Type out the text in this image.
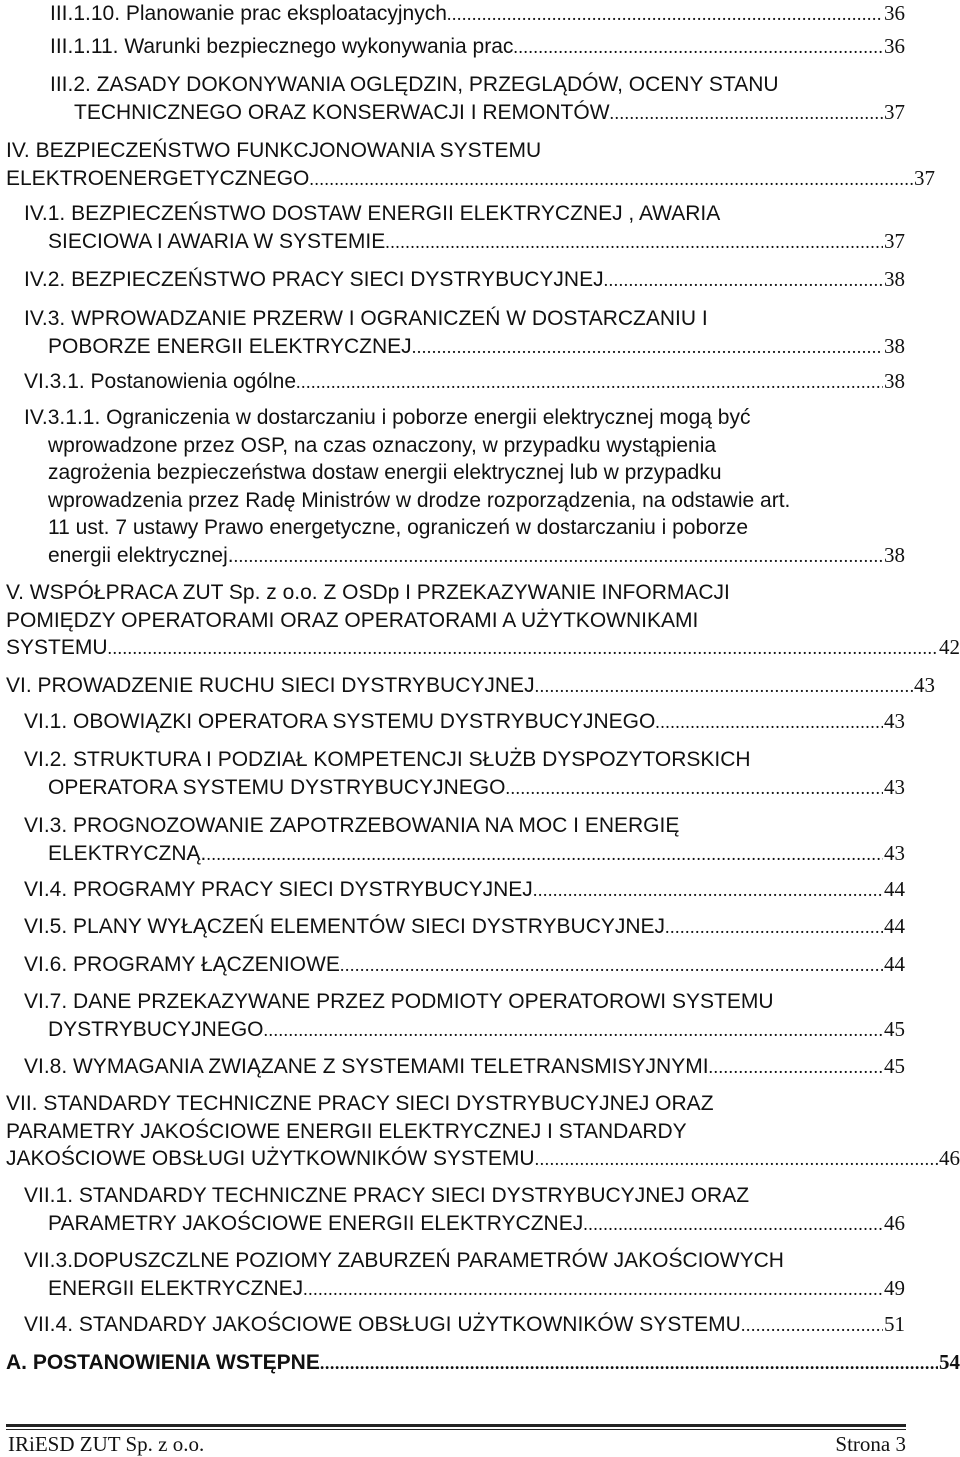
III.1.10. Planowanie prac eksploatacyjnych .....	36
III.1.11. Warunki bezpiecznego wykonywania prac .....	36
III.2. ZASADY DOKONYWANIA OGLĘDZIN, PRZEGLĄDÓW, OCENY STANU
TECHNICZNEGO ORAZ KONSERWACJI I REMONTÓW .....	37
IV. BEZPIECZEŃSTWO FUNKCJONOWANIA SYSTEMU
ELEKTROENERGETYCZNEGO .....	37
IV.1. BEZPIECZEŃSTWO DOSTAW ENERGII ELEKTRYCZNEJ , AWARIA
SIECIOWA I AWARIA W SYSTEMIE .....	37
IV.2. BEZPIECZEŃSTWO PRACY SIECI DYSTRYBUCYJNEJ .....	38
IV.3. WPROWADZANIE PRZERW I OGRANICZEŃ W DOSTARCZANIU I
POBORZE ENERGII ELEKTRYCZNEJ .....	38
VI.3.1. Postanowienia ogólne .....	38
IV.3.1.1. Ograniczenia w dostarczaniu i poborze energii elektrycznej mogą być
wprowadzone przez OSP, na czas oznaczony, w przypadku wystąpienia
zagrożenia bezpieczeństwa dostaw energii elektrycznej lub w przypadku
wprowadzenia przez Radę Ministrów w drodze rozporządzenia, na odstawie art.
11 ust. 7 ustawy Prawo energetyczne, ograniczeń w dostarczaniu i poborze
energii elektrycznej. .....	38
V. WSPÓŁPRACA ZUT Sp. z o.o. Z OSDp I PRZEKAZYWANIE INFORMACJI
POMIĘDZY OPERATORAMI ORAZ OPERATORAMI A UŻYTKOWNIKAMI
SYSTEMU .....	42
VI. PROWADZENIE RUCHU SIECI DYSTRYBUCYJNEJ .....	43
VI.1. OBOWIĄZKI OPERATORA SYSTEMU DYSTRYBUCYJNEGO .....	43
VI.2. STRUKTURA I PODZIAŁ KOMPETENCJI SŁUŻB DYSPOZYTORSKICH
OPERATORA SYSTEMU DYSTRYBUCYJNEGO .....	43
VI.3. PROGNOZOWANIE ZAPOTRZEBOWANIA NA MOC I ENERGIĘ
ELEKTRYCZNĄ. .....	43
VI.4. PROGRAMY PRACY SIECI DYSTRYBUCYJNEJ .....	44
VI.5. PLANY WYŁĄCZEŃ ELEMENTÓW SIECI DYSTRYBUCYJNEJ .....	44
VI.6. PROGRAMY ŁĄCZENIOWE .....	44
VI.7. DANE PRZEKAZYWANE PRZEZ PODMIOTY OPERATOROWI SYSTEMU
DYSTRYBUCYJNEGO .....	45
VI.8. WYMAGANIA ZWIĄZANE Z SYSTEMAMI TELETRANSMISYJNYMI .....	45
VII. STANDARDY TECHNICZNE PRACY SIECI DYSTRYBUCYJNEJ ORAZ
PARAMETRY JAKOŚCIOWE ENERGII ELEKTRYCZNEJ I STANDARDY
JAKOŚCIOWE OBSŁUGI UŻYTKOWNIKÓW SYSTEMU .....	46
VII.1. STANDARDY TECHNICZNE PRACY SIECI DYSTRYBUCYJNEJ ORAZ
PARAMETRY JAKOŚCIOWE ENERGII ELEKTRYCZNEJ .....	46
VII.3.DOPUSZCZLNE POZIOMY ZABURZEŃ PARAMETRÓW JAKOŚCIOWYCH
ENERGII ELEKTRYCZNEJ .....	49
VII.4. STANDARDY JAKOŚCIOWE OBSŁUGI UŻYTKOWNIKÓW SYSTEMU .....	51
A. POSTANOWIENIA WSTĘPNE .....	54
IRiESD ZUT Sp. z o.o.	Strona 3
